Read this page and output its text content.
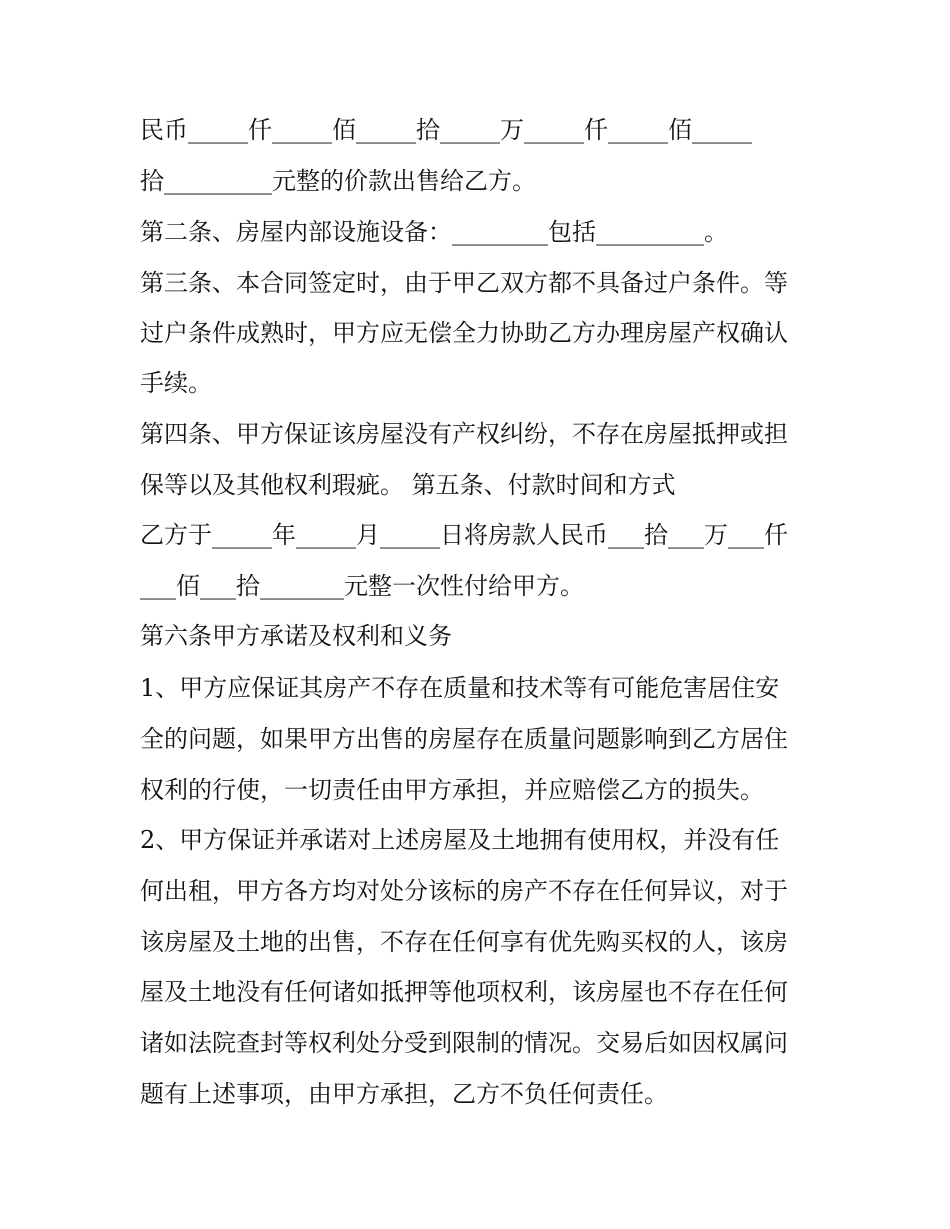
民币_____仟_____佰_____拾_____万_____仟_____佰_____
拾_________元整的价款出售给乙方。
第二条、房屋内部设施设备：________包括_________。
第三条、本合同签定时，由于甲乙双方都不具备过户条件。等
过户条件成熟时，甲方应无偿全力协助乙方办理房屋产权确认
手续。
第四条、甲方保证该房屋没有产权纠纷，不存在房屋抵押或担
保等以及其他权利瑕疵。 第五条、付款时间和方式
乙方于_____年_____月_____日将房款人民币___拾___万___仟
___佰___拾_______元整一次性付给甲方。
第六条甲方承诺及权利和义务
1、甲方应保证其房产不存在质量和技术等有可能危害居住安
全的问题，如果甲方出售的房屋存在质量问题影响到乙方居住
权利的行使，一切责任由甲方承担，并应赔偿乙方的损失。
2、甲方保证并承诺对上述房屋及土地拥有使用权，并没有任
何出租，甲方各方均对处分该标的房产不存在任何异议，对于
该房屋及土地的出售，不存在任何享有优先购买权的人，该房
屋及土地没有任何诸如抵押等他项权利，该房屋也不存在任何
诸如法院查封等权利处分受到限制的情况。交易后如因权属问
题有上述事项，由甲方承担，乙方不负任何责任。
